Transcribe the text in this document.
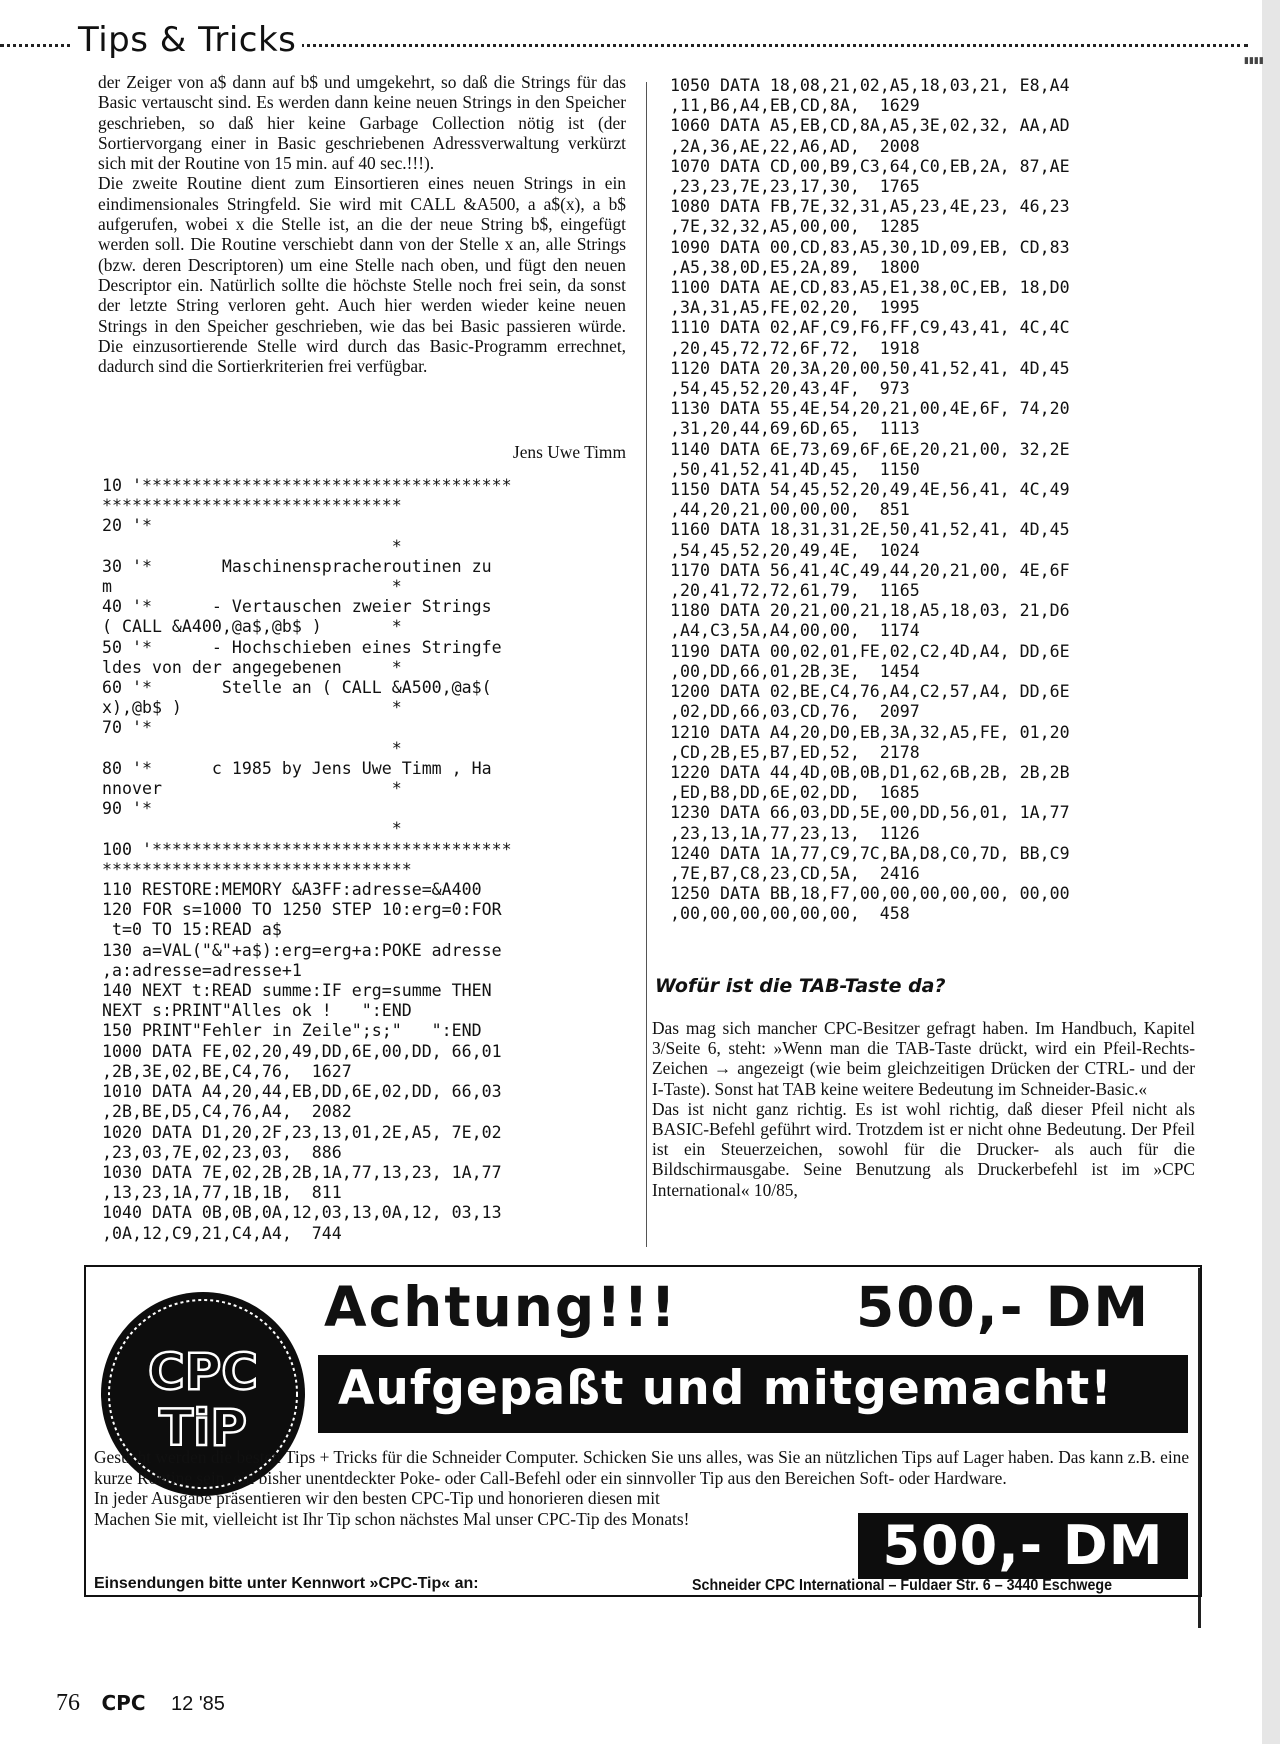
▮▮▮▮
Tips & Tricks

der Zeiger von a$ dann auf b$ und umgekehrt, so daß die Strings für das Basic vertauscht sind. Es werden dann keine neuen Strings in den Speicher geschrieben, so daß hier keine Garbage Collection nötig ist (der Sortiervorgang einer in Basic geschriebenen Adressverwaltung verkürzt sich mit der Routine von 15 min. auf 40 sec.!!!).

Die zweite Routine dient zum Einsortieren eines neuen Strings in ein eindimensionales Stringfeld. Sie wird mit CALL &A500, a a$(x), a b$ aufgerufen, wobei x die Stelle ist, an die der neue String b$, eingefügt werden soll. Die Routine verschiebt dann von der Stelle x an, alle Strings (bzw. deren Descriptoren) um eine Stelle nach oben, und fügt den neuen Descriptor ein. Natürlich sollte die höchste Stelle noch frei sein, da sonst der letzte String verloren geht. Auch hier werden wieder keine neuen Strings in den Speicher geschrieben, wie das bei Basic passieren würde. Die einzusortierende Stelle wird durch das Basic-Programm errechnet, dadurch sind die Sortierkriterien frei verfügbar.

Jens Uwe Timm
10 '*************************************
******************************
20 '*
*
30 '*       Maschinenspracheroutinen zu
m                            *
40 '*      - Vertauschen zweier Strings
( CALL &A400,@a$,@b$ )       *
50 '*      - Hochschieben eines Stringfe
ldes von der angegebenen     *
60 '*       Stelle an ( CALL &A500,@a$(
x),@b$ )                     *
70 '*
*
80 '*      c 1985 by Jens Uwe Timm , Ha
nnover                       *
90 '*
*
100 '************************************
*******************************
110 RESTORE:MEMORY &A3FF:adresse=&A400
120 FOR s=1000 TO 1250 STEP 10:erg=0:FOR
t=0 TO 15:READ a$
130 a=VAL("&"+a$):erg=erg+a:POKE adresse
,a:adresse=adresse+1
140 NEXT t:READ summe:IF erg=summe THEN
NEXT s:PRINT"Alles ok !   ":END
150 PRINT"Fehler in Zeile";s;"   ":END
1000 DATA FE,02,20,49,DD,6E,00,DD, 66,01
,2B,3E,02,BE,C4,76,  1627
1010 DATA A4,20,44,EB,DD,6E,02,DD, 66,03
,2B,BE,D5,C4,76,A4,  2082
1020 DATA D1,20,2F,23,13,01,2E,A5, 7E,02
,23,03,7E,02,23,03,  886
1030 DATA 7E,02,2B,2B,1A,77,13,23, 1A,77
,13,23,1A,77,1B,1B,  811
1040 DATA 0B,0B,0A,12,03,13,0A,12, 03,13
,0A,12,C9,21,C4,A4,  744
1050 DATA 18,08,21,02,A5,18,03,21, E8,A4
,11,B6,A4,EB,CD,8A,  1629
1060 DATA A5,EB,CD,8A,A5,3E,02,32, AA,AD
,2A,36,AE,22,A6,AD,  2008
1070 DATA CD,00,B9,C3,64,C0,EB,2A, 87,AE
,23,23,7E,23,17,30,  1765
1080 DATA FB,7E,32,31,A5,23,4E,23, 46,23
,7E,32,32,A5,00,00,  1285
1090 DATA 00,CD,83,A5,30,1D,09,EB, CD,83
,A5,38,0D,E5,2A,89,  1800
1100 DATA AE,CD,83,A5,E1,38,0C,EB, 18,D0
,3A,31,A5,FE,02,20,  1995
1110 DATA 02,AF,C9,F6,FF,C9,43,41, 4C,4C
,20,45,72,72,6F,72,  1918
1120 DATA 20,3A,20,00,50,41,52,41, 4D,45
,54,45,52,20,43,4F,  973
1130 DATA 55,4E,54,20,21,00,4E,6F, 74,20
,31,20,44,69,6D,65,  1113
1140 DATA 6E,73,69,6F,6E,20,21,00, 32,2E
,50,41,52,41,4D,45,  1150
1150 DATA 54,45,52,20,49,4E,56,41, 4C,49
,44,20,21,00,00,00,  851
1160 DATA 18,31,31,2E,50,41,52,41, 4D,45
,54,45,52,20,49,4E,  1024
1170 DATA 56,41,4C,49,44,20,21,00, 4E,6F
,20,41,72,72,61,79,  1165
1180 DATA 20,21,00,21,18,A5,18,03, 21,D6
,A4,C3,5A,A4,00,00,  1174
1190 DATA 00,02,01,FE,02,C2,4D,A4, DD,6E
,00,DD,66,01,2B,3E,  1454
1200 DATA 02,BE,C4,76,A4,C2,57,A4, DD,6E
,02,DD,66,03,CD,76,  2097
1210 DATA A4,20,D0,EB,3A,32,A5,FE, 01,20
,CD,2B,E5,B7,ED,52,  2178
1220 DATA 44,4D,0B,0B,D1,62,6B,2B, 2B,2B
,ED,B8,DD,6E,02,DD,  1685
1230 DATA 66,03,DD,5E,00,DD,56,01, 1A,77
,23,13,1A,77,23,13,  1126
1240 DATA 1A,77,C9,7C,BA,D8,C0,7D, BB,C9
,7E,B7,C8,23,CD,5A,  2416
1250 DATA BB,18,F7,00,00,00,00,00, 00,00
,00,00,00,00,00,00,  458
Wofür ist die TAB-Taste da?

Das mag sich mancher CPC-Besitzer gefragt haben. Im Handbuch, Kapitel 3/Seite 6, steht: »Wenn man die TAB-Taste drückt, wird ein Pfeil-Rechts-Zeichen → angezeigt (wie beim gleichzeitigen Drücken der CTRL- und der I-Taste). Sonst hat TAB keine weitere Bedeutung im Schneider-Basic.«

Das ist nicht ganz richtig. Es ist wohl richtig, daß dieser Pfeil nicht als BASIC-Befehl geführt wird. Trotzdem ist er nicht ohne Bedeutung. Der Pfeil ist ein Steuerzeichen, sowohl für die Drucker- als auch für die Bildschirmausgabe. Seine Benutzung als Druckerbefehl ist im »CPC International« 10/85,

CPC
TiP
Achtung!!!	500,- DM
Aufgepaßt und mitgemacht!

Gesucht werden die besten Tips + Tricks für die Schneider Computer. Schicken Sie uns alles, was Sie an nützlichen Tips auf Lager haben. Das kann z.B. eine kurze Routine sein, ein bisher unentdeckter Poke- oder Call-Befehl oder ein sinnvoller Tip aus den Bereichen Soft- oder Hardware.

In jeder Ausgabe präsentieren wir den besten CPC-Tip und honorieren diesen mit

Machen Sie mit, vielleicht ist Ihr Tip schon nächstes Mal unser CPC-Tip des Monats!	500,- DM
Einsendungen bitte unter Kennwort »CPC-Tip« an:	Schneider CPC International – Fuldaer Str. 6 – 3440 Eschwege
76 CPC 12 '85
